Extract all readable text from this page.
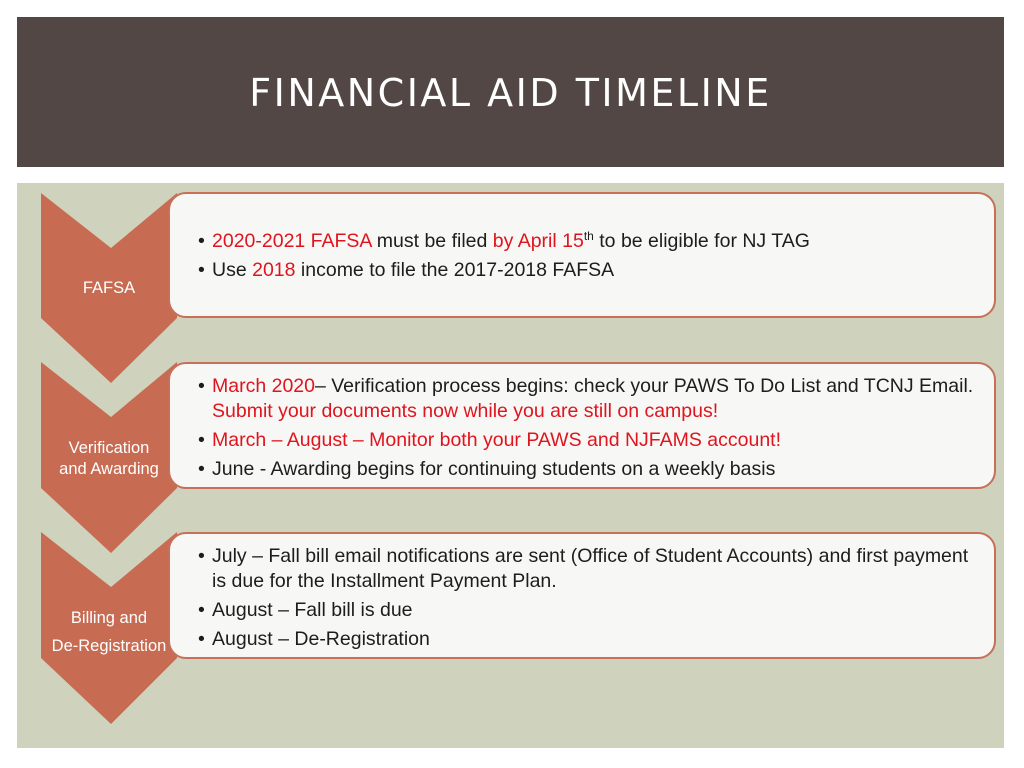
FINANCIAL AID TIMELINE
FAFSA
Verification
and Awarding
Billing and
De-Registration
• 2020-2021 FAFSA must be filed by April 15th to be eligible for NJ TAG
• Use 2018 income to file the 2017-2018 FAFSA
• March 2020– Verification process begins: check your PAWS To Do List and TCNJ Email. Submit your documents now while you are still on campus!
• March – August – Monitor both your PAWS and NJFAMS account!
• June - Awarding begins for continuing students on a weekly basis
• July – Fall bill email notifications are sent (Office of Student Accounts) and first payment is due for the Installment Payment Plan.
• August – Fall bill is due
• August – De-Registration
